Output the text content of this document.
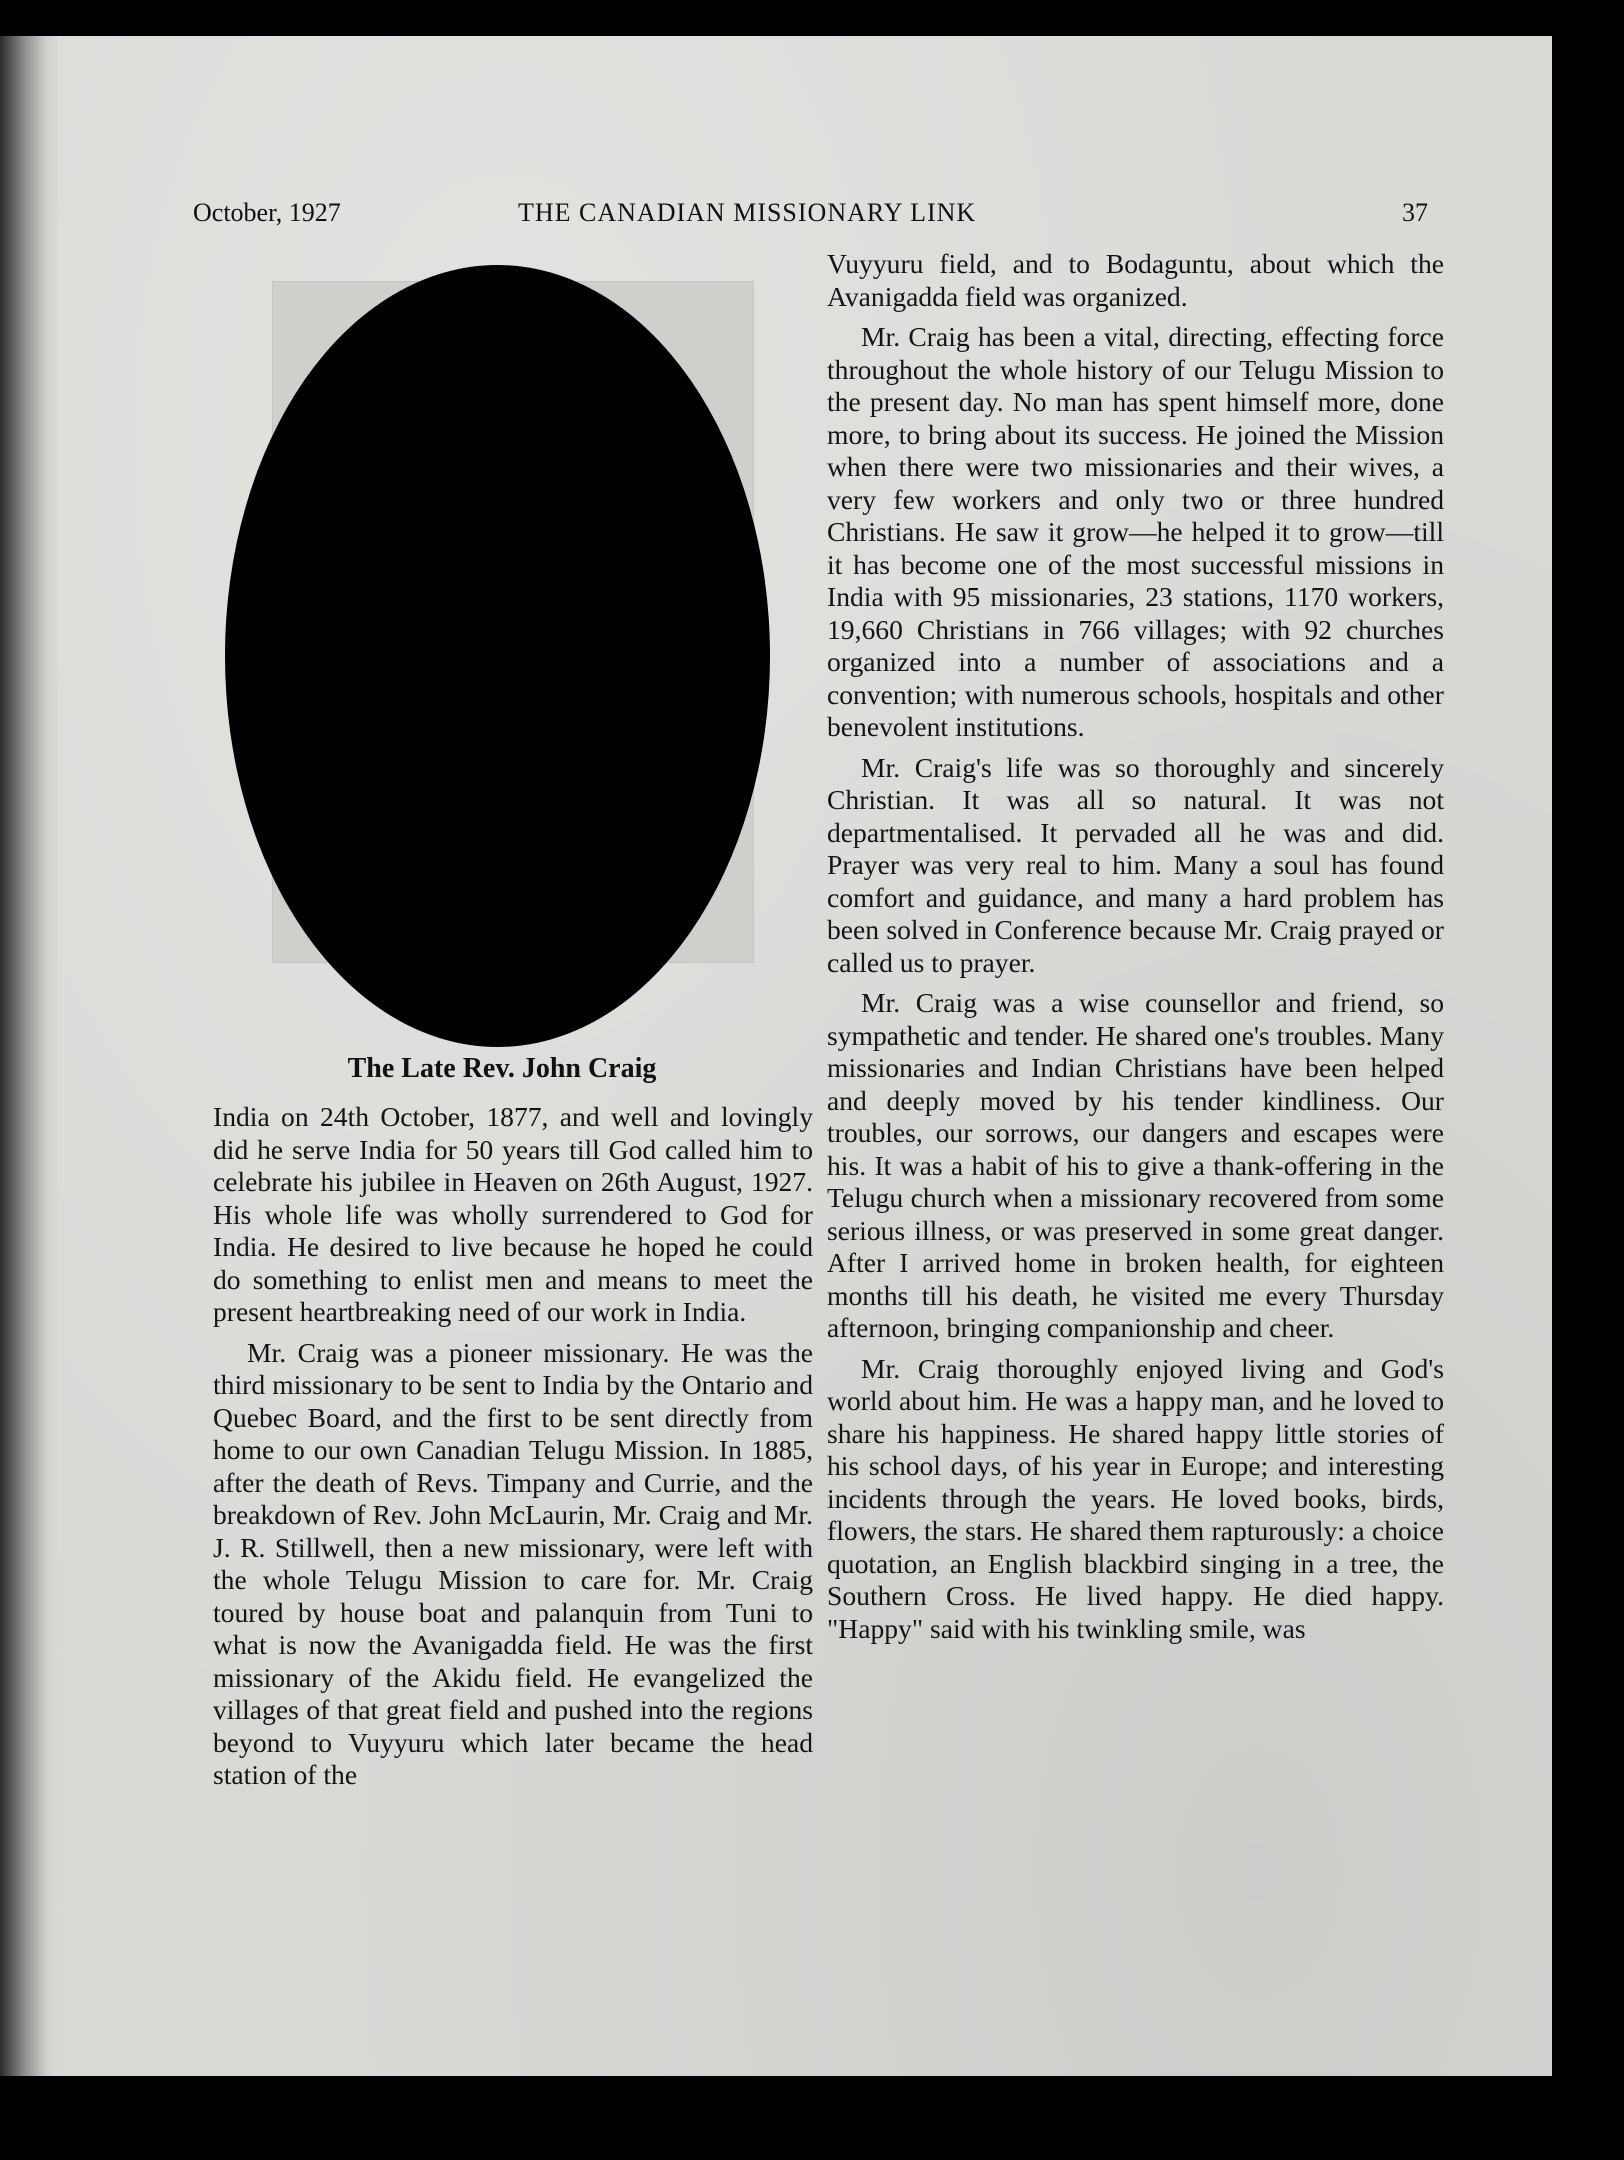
October, 1927	THE CANADIAN MISSIONARY LINK	37
The Late Rev. John Craig

India on 24th October, 1877, and well and lovingly did he serve India for 50 years till God called him to celebrate his jubilee in Heaven on 26th August, 1927. His whole life was wholly surrendered to God for India. He desired to live because he hoped he could do something to enlist men and means to meet the present heartbreaking need of our work in India.

Mr. Craig was a pioneer missionary. He was the third missionary to be sent to India by the Ontario and Quebec Board, and the first to be sent directly from home to our own Canadian Telugu Mission. In 1885, after the death of Revs. Timpany and Currie, and the breakdown of Rev. John McLaurin, Mr. Craig and Mr. J. R. Stillwell, then a new missionary, were left with the whole Telugu Mission to care for. Mr. Craig toured by house boat and palanquin from Tuni to what is now the Avanigadda field. He was the first missionary of the Akidu field. He evangelized the villages of that great field and pushed into the regions beyond to Vuyyuru which later became the head station of the

Vuyyuru field, and to Bodaguntu, about which the Avanigadda field was organized.

Mr. Craig has been a vital, directing, effecting force throughout the whole history of our Telugu Mission to the present day. No man has spent himself more, done more, to bring about its success. He joined the Mission when there were two missionaries and their wives, a very few workers and only two or three hundred Christians. He saw it grow—he helped it to grow—till it has become one of the most successful missions in India with 95 missionaries, 23 stations, 1170 workers, 19,660 Christians in 766 villages; with 92 churches organized into a number of associations and a convention; with numerous schools, hospitals and other benevolent institutions.

Mr. Craig's life was so thoroughly and sincerely Christian. It was all so natural. It was not departmentalised. It pervaded all he was and did. Prayer was very real to him. Many a soul has found comfort and guidance, and many a hard problem has been solved in Conference because Mr. Craig prayed or called us to prayer.

Mr. Craig was a wise counsellor and friend, so sympathetic and tender. He shared one's troubles. Many missionaries and Indian Christians have been helped and deeply moved by his tender kindliness. Our troubles, our sorrows, our dangers and escapes were his. It was a habit of his to give a thank-offering in the Telugu church when a missionary recovered from some serious illness, or was preserved in some great danger. After I arrived home in broken health, for eighteen months till his death, he visited me every Thursday afternoon, bringing companionship and cheer.

Mr. Craig thoroughly enjoyed living and God's world about him. He was a happy man, and he loved to share his happiness. He shared happy little stories of his school days, of his year in Europe; and interesting incidents through the years. He loved books, birds, flowers, the stars. He shared them rapturously: a choice quotation, an English blackbird singing in a tree, the Southern Cross. He lived happy. He died happy. "Happy" said with his twinkling smile, was
